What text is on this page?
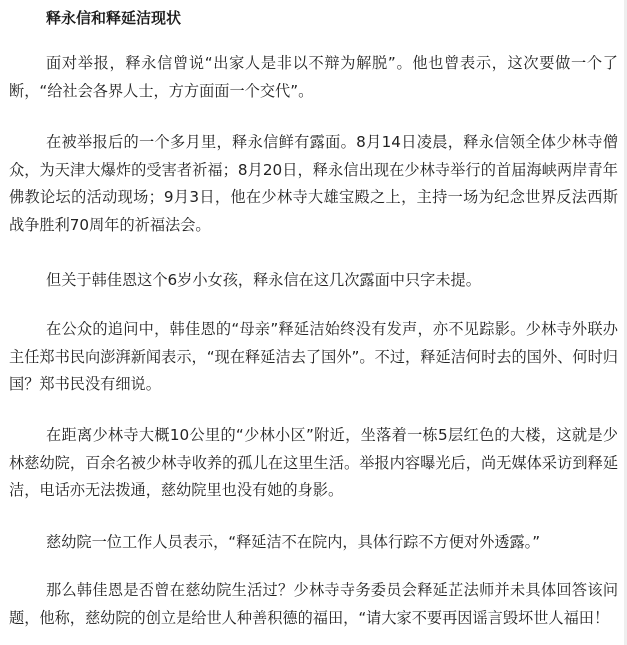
释永信和释延洁现状

面对举报，释永信曾说“出家人是非以不辩为解脱”。他也曾表示，这次要做一个了断，“给社会各界人士，方方面面一个交代”。

在被举报后的一个多月里，释永信鲜有露面。8月14日凌晨，释永信领全体少林寺僧众，为天津大爆炸的受害者祈福；8月20日，释永信出现在少林寺举行的首届海峡两岸青年佛教论坛的活动现场；9月3日，他在少林寺大雄宝殿之上，主持一场为纪念世界反法西斯战争胜利70周年的祈福法会。

但关于韩佳恩这个6岁小女孩，释永信在这几次露面中只字未提。

在公众的追问中，韩佳恩的“母亲”释延洁始终没有发声，亦不见踪影。少林寺外联办主任郑书民向澎湃新闻表示，“现在释延洁去了国外”。不过，释延洁何时去的国外、何时归国？郑书民没有细说。

在距离少林寺大概10公里的“少林小区”附近，坐落着一栋5层红色的大楼，这就是少林慈幼院，百余名被少林寺收养的孤儿在这里生活。举报内容曝光后，尚无媒体采访到释延洁，电话亦无法拨通，慈幼院里也没有她的身影。

慈幼院一位工作人员表示，“释延洁不在院内，具体行踪不方便对外透露。”

那么韩佳恩是否曾在慈幼院生活过？少林寺寺务委员会释延芷法师并未具体回答该问题，他称，慈幼院的创立是给世人种善积德的福田，“请大家不要再因谣言毁坏世人福田！
